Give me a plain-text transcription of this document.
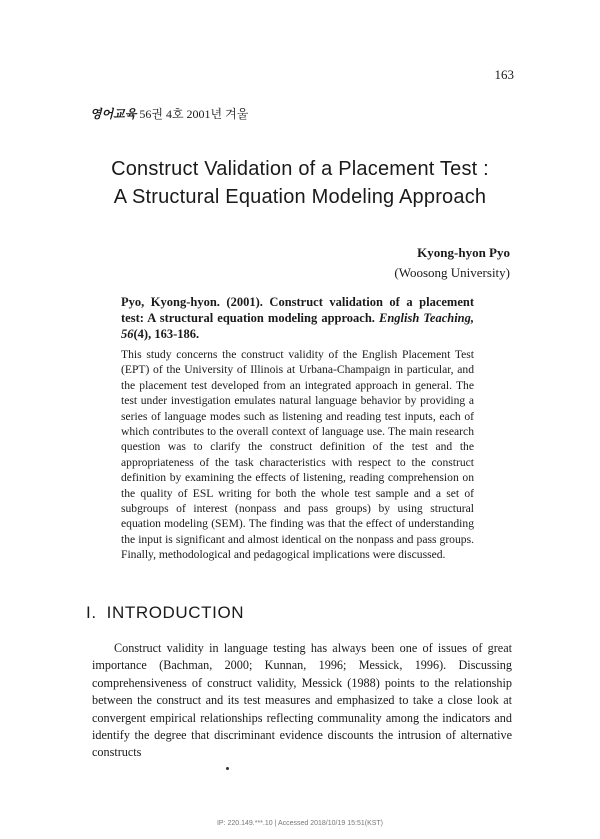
163
영어교육 56권 4호 2001년 겨울
Construct Validation of a Placement Test :
A Structural Equation Modeling Approach
Kyong-hyon Pyo
(Woosong University)
Pyo, Kyong-hyon. (2001). Construct validation of a placement test: A structural equation modeling approach. English Teaching, 56(4), 163-186.

This study concerns the construct validity of the English Placement Test (EPT) of the University of Illinois at Urbana-Champaign in particular, and the placement test developed from an integrated approach in general. The test under investigation emulates natural language behavior by providing a series of language modes such as listening and reading test inputs, each of which contributes to the overall context of language use. The main research question was to clarify the construct definition of the test and the appropriateness of the task characteristics with respect to the construct definition by examining the effects of listening, reading comprehension on the quality of ESL writing for both the whole test sample and a set of subgroups of interest (nonpass and pass groups) by using structural equation modeling (SEM). The finding was that the effect of understanding the input is significant and almost identical on the nonpass and pass groups. Finally, methodological and pedagogical implications were discussed.

I. INTRODUCTION

Construct validity in language testing has always been one of issues of great importance (Bachman, 2000; Kunnan, 1996; Messick, 1996). Discussing comprehensiveness of construct validity, Messick (1988) points to the relationship between the construct and its test measures and emphasized to take a close look at convergent empirical relationships reflecting communality among the indicators and identify the degree that discriminant evidence discounts the intrusion of alternative constructs

IP: 220.149.***.10 | Accessed 2018/10/19 15:51(KST)
